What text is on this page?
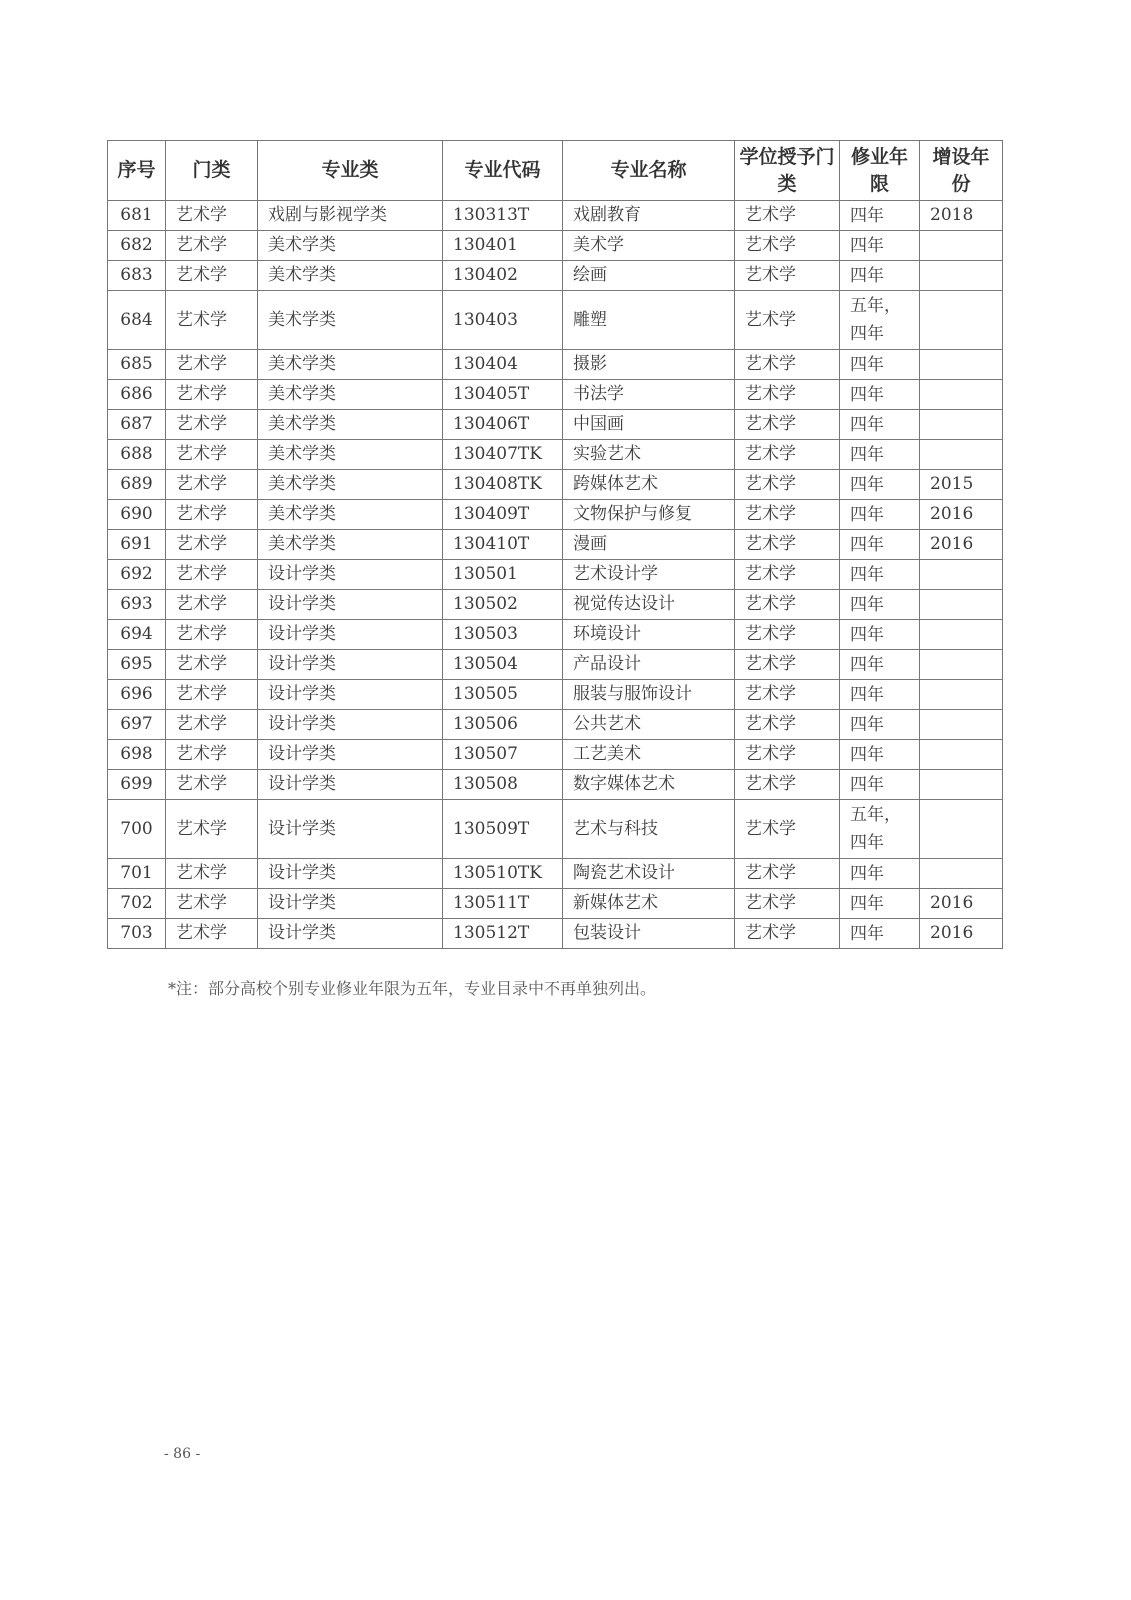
序号	门类	专业类	专业代码	专业名称	学位授予门类	修业年限	增设年份
681	艺术学	戏剧与影视学类	130313T	戏剧教育	艺术学	四年	2018
682	艺术学	美术学类	130401	美术学	艺术学	四年	
683	艺术学	美术学类	130402	绘画	艺术学	四年	
684	艺术学	美术学类	130403	雕塑	艺术学	五年，四年	
685	艺术学	美术学类	130404	摄影	艺术学	四年	
686	艺术学	美术学类	130405T	书法学	艺术学	四年	
687	艺术学	美术学类	130406T	中国画	艺术学	四年	
688	艺术学	美术学类	130407TK	实验艺术	艺术学	四年	
689	艺术学	美术学类	130408TK	跨媒体艺术	艺术学	四年	2015
690	艺术学	美术学类	130409T	文物保护与修复	艺术学	四年	2016
691	艺术学	美术学类	130410T	漫画	艺术学	四年	2016
692	艺术学	设计学类	130501	艺术设计学	艺术学	四年	
693	艺术学	设计学类	130502	视觉传达设计	艺术学	四年	
694	艺术学	设计学类	130503	环境设计	艺术学	四年	
695	艺术学	设计学类	130504	产品设计	艺术学	四年	
696	艺术学	设计学类	130505	服装与服饰设计	艺术学	四年	
697	艺术学	设计学类	130506	公共艺术	艺术学	四年	
698	艺术学	设计学类	130507	工艺美术	艺术学	四年	
699	艺术学	设计学类	130508	数字媒体艺术	艺术学	四年	
700	艺术学	设计学类	130509T	艺术与科技	艺术学	五年，四年	
701	艺术学	设计学类	130510TK	陶瓷艺术设计	艺术学	四年	
702	艺术学	设计学类	130511T	新媒体艺术	艺术学	四年	2016
703	艺术学	设计学类	130512T	包装设计	艺术学	四年	2016
*注：部分高校个别专业修业年限为五年，专业目录中不再单独列出。
- 86 -
